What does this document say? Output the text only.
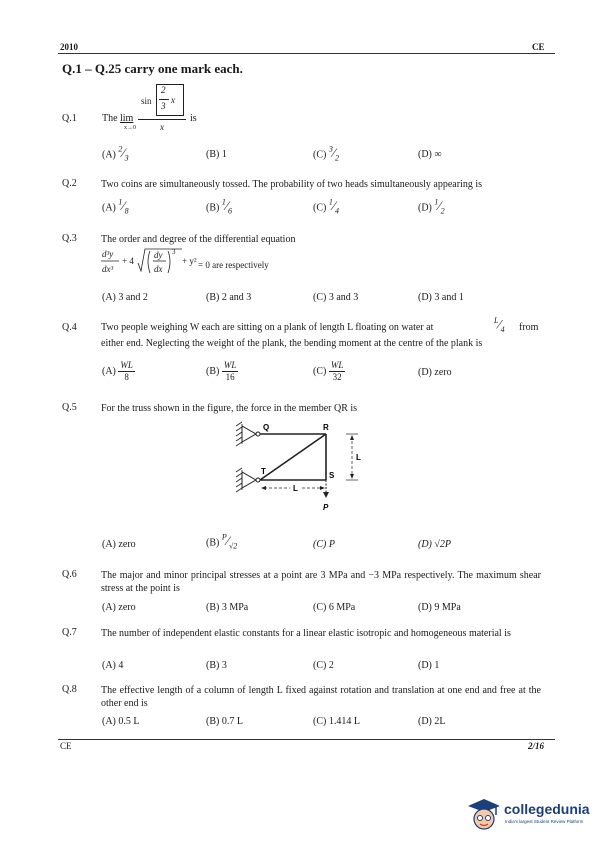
2010	CE
Q.1 – Q.25 carry one mark each.
Q.1	The lim
x→0
sin
2
x
3
x
is
(A) $^2⁄_3$	(B) 1	(C) $^3⁄_2$	(D) ∞
Q.2 Two coins are simultaneously tossed. The probability of two heads simultaneously appearing is
(A) $^1⁄_8$	(B) $^1⁄_6$	(C) $^1⁄_4$	(D) $^1⁄_2$
Q.3 The order and degree of the differential equation
d³y
dx³
+ 4
dy
dx
3
+ y² = 0 are respectively
(A) 3 and 2	(B) 2 and 3	(C) 3 and 3	(D) 3 and 1
Q.4 Two people weighing W each are sitting on a plank of length L floating on water at
$^L⁄_4$ from
either end. Neglecting the weight of the plank, the bending moment at the centre of the plank is
$(A) \frac{WL}{8}$	$(B) \frac{WL}{16}$	$(C) \frac{WL}{32}$	(D) zero
Q.5 For the truss shown in the figure, the force in the member QR is
Q	R
S
T
L
L
P
(A) zero	(B) $^P⁄_{√2}$	(C) P	(D) √2P
Q.6 The major and minor principal stresses at a point are 3 MPa and −3 MPa respectively. The maximum shear stress at the point is
(A) zero	(B) 3 MPa	(C) 6 MPa	(D) 9 MPa
Q.7 The number of independent elastic constants for a linear elastic isotropic and homogeneous material is
(A) 4	(B) 3	(C) 2	(D) 1
Q.8 The effective length of a column of length L fixed against rotation and translation at one end and free at the other end is
(A) 0.5 L	(B) 0.7 L	(C) 1.414 L	(D) 2L
CE	2/16
collegedunia
India's largest Student Review Platform
